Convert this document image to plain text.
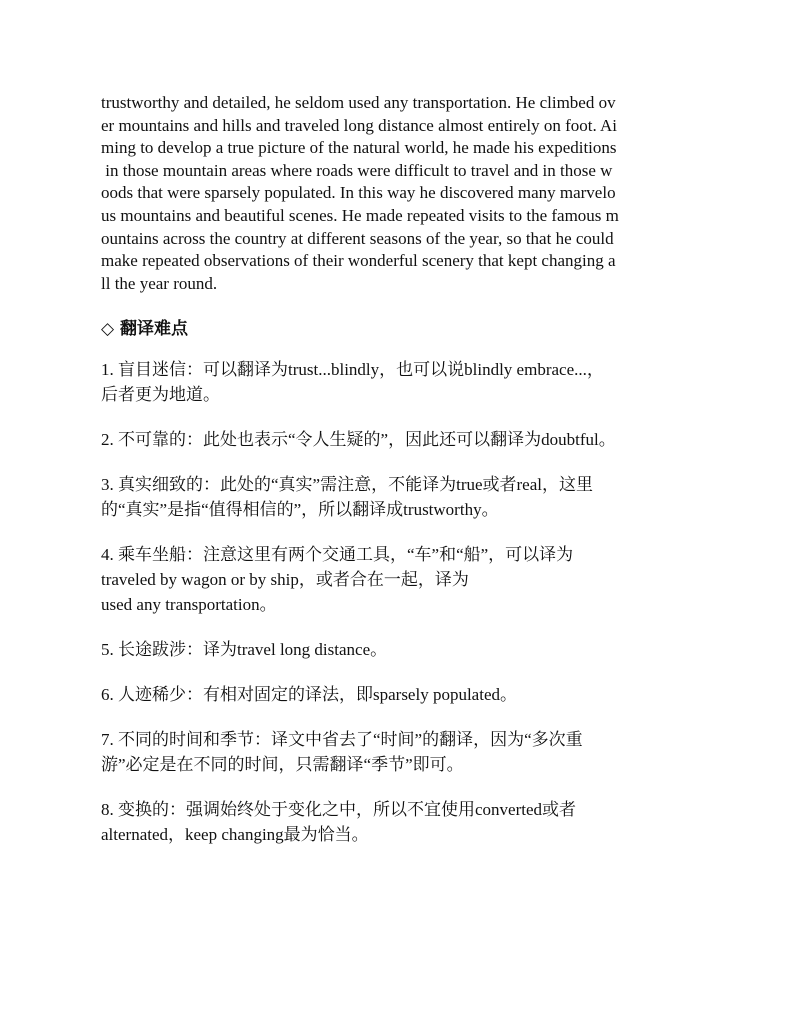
trustworthy and detailed, he seldom used any transportation. He climbed ov
er mountains and hills and traveled long distance almost entirely on foot. Ai
ming to develop a true picture of the natural world, he made his expeditions
in those mountain areas where roads were difficult to travel and in those w
oods that were sparsely populated. In this way he discovered many marvelo
us mountains and beautiful scenes. He made repeated visits to the famous m
ountains across the country at different seasons of the year, so that he could
make repeated observations of their wonderful scenery that kept changing a
ll the year round.

◇ 翻译难点
1. 盲目迷信：可以翻译为trust...blindly，也可以说blindly embrace...，
后者更为地道。
2. 不可靠的：此处也表示“令人生疑的”，因此还可以翻译为doubtful。
3. 真实细致的：此处的“真实”需注意，不能译为true或者real，这里
的“真实”是指“值得相信的”，所以翻译成trustworthy。
4. 乘车坐船：注意这里有两个交通工具，“车”和“船”，可以译为
traveled by wagon or by ship，或者合在一起，译为
used any transportation。
5. 长途跋涉：译为travel long distance。
6. 人迹稀少：有相对固定的译法，即sparsely populated。
7. 不同的时间和季节：译文中省去了“时间”的翻译，因为“多次重
游”必定是在不同的时间，只需翻译“季节”即可。
8. 变换的：强调始终处于变化之中，所以不宜使用converted或者
alternated，keep changing最为恰当。
